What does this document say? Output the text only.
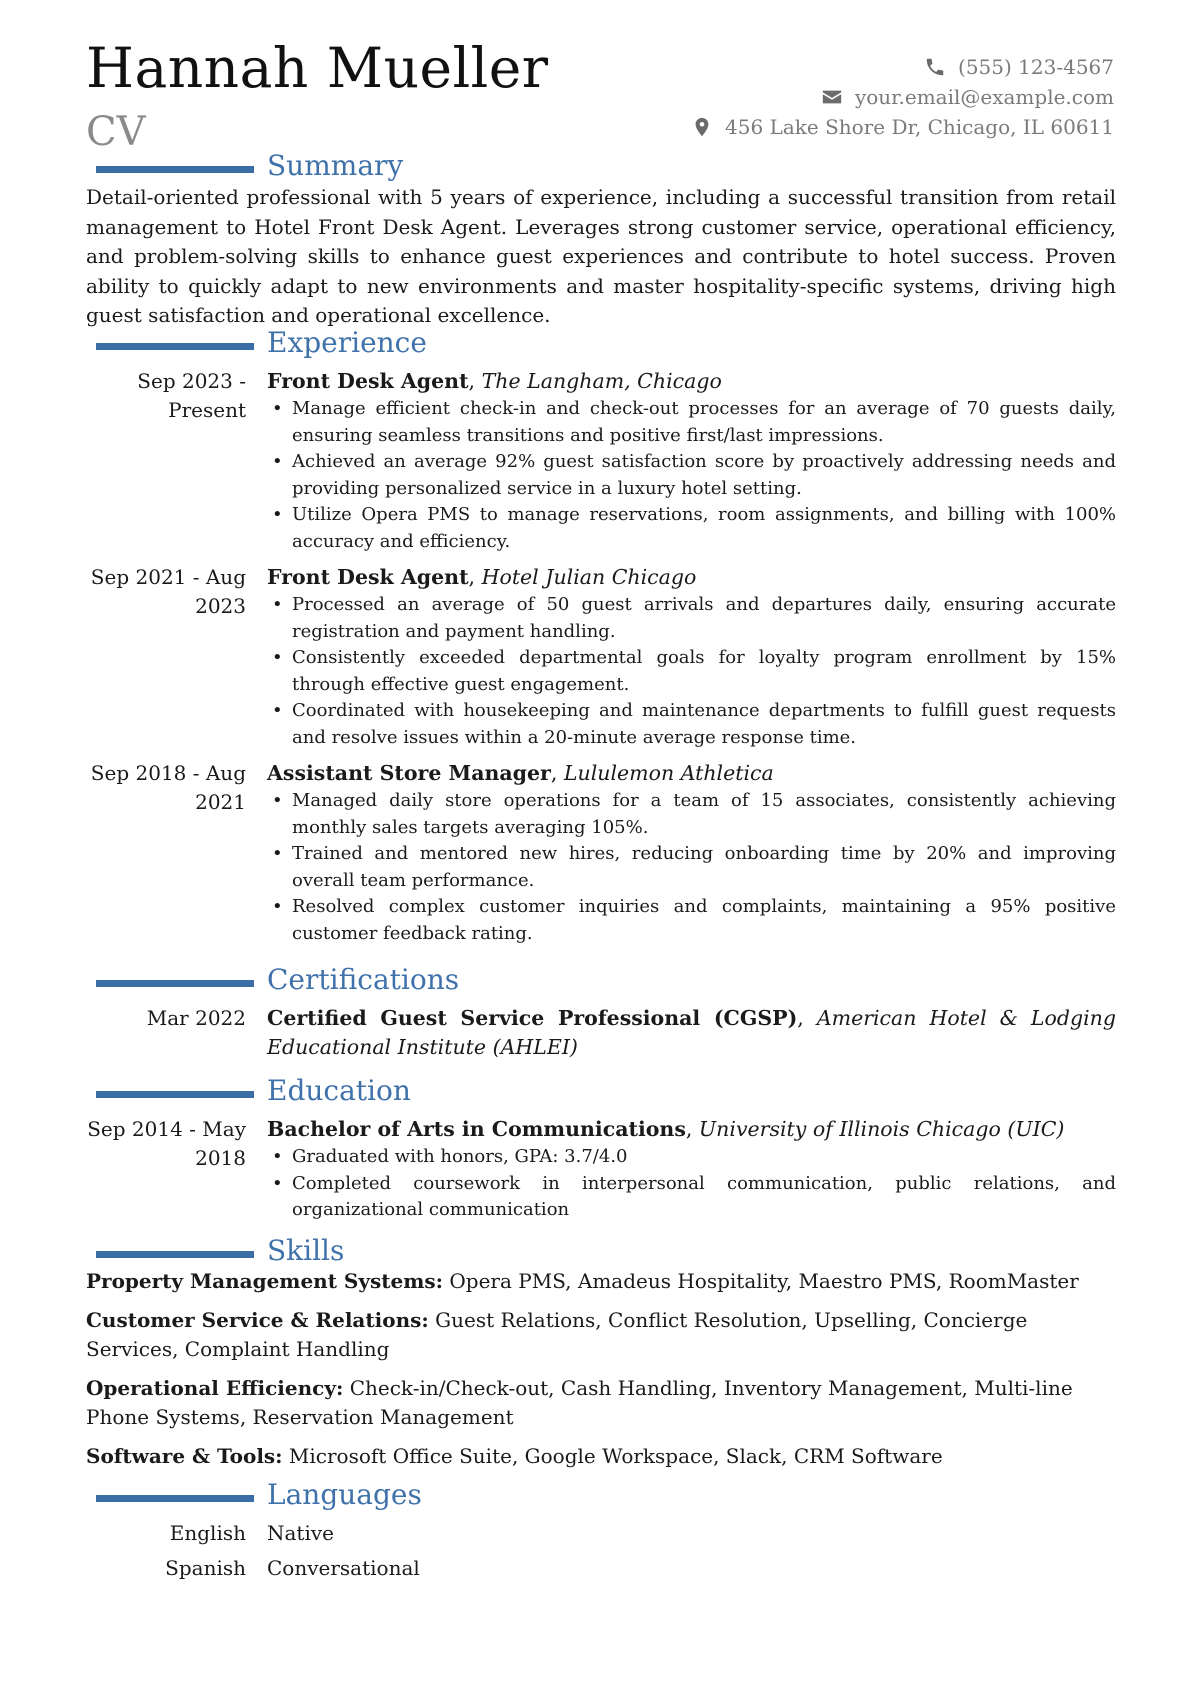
Hannah Mueller
CV
(555) 123-4567
your.email@example.com
456 Lake Shore Dr, Chicago, IL 60611
Summary

Detail-oriented professional with 5 years of experience, including a successful transition from retail management to Hotel Front Desk Agent. Leverages strong customer service, operational efficiency, and problem-solving skills to enhance guest experiences and contribute to hotel success. Proven ability to quickly adapt to new environments and master hospitality-specific systems, driving high guest satisfaction and operational excellence.

Experience
Sep 2023 - Present
Front Desk Agent, The Langham, Chicago
• Manage efficient check-in and check-out processes for an average of 70 guests daily, ensuring seamless transitions and positive first/last impressions.
• Achieved an average 92% guest satisfaction score by proactively addressing needs and providing personalized service in a luxury hotel setting.
• Utilize Opera PMS to manage reservations, room assignments, and billing with 100% accuracy and efficiency.
Sep 2021 - Aug 2023
Front Desk Agent, Hotel Julian Chicago
• Processed an average of 50 guest arrivals and departures daily, ensuring accurate registration and payment handling.
• Consistently exceeded departmental goals for loyalty program enrollment by 15% through effective guest engagement.
• Coordinated with housekeeping and maintenance departments to fulfill guest requests and resolve issues within a 20-minute average response time.
Sep 2018 - Aug 2021
Assistant Store Manager, Lululemon Athletica
• Managed daily store operations for a team of 15 associates, consistently achieving monthly sales targets averaging 105%.
• Trained and mentored new hires, reducing onboarding time by 20% and improving overall team performance.
• Resolved complex customer inquiries and complaints, maintaining a 95% positive customer feedback rating.
Certifications
Mar 2022	Certified Guest Service Professional (CGSP), American Hotel & Lodging Educational Institute (AHLEI)
Education
Sep 2014 - May 2018
Bachelor of Arts in Communications, University of Illinois Chicago (UIC)
• Graduated with honors, GPA: 3.7/4.0
• Completed coursework in interpersonal communication, public relations, and organizational communication
Skills
Property Management Systems: Opera PMS, Amadeus Hospitality, Maestro PMS, RoomMaster
Customer Service & Relations: Guest Relations, Conflict Resolution, Upselling, Concierge Services, Complaint Handling
Operational Efficiency: Check-in/Check-out, Cash Handling, Inventory Management, Multi-line Phone Systems, Reservation Management
Software & Tools: Microsoft Office Suite, Google Workspace, Slack, CRM Software
Languages
English	Native
Spanish	Conversational
